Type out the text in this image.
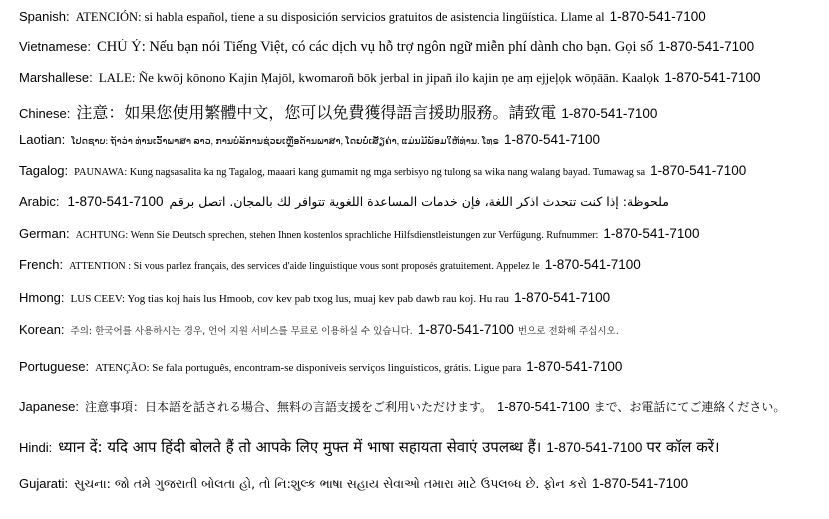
Spanish: ATENCIÓN: si habla español, tiene a su disposición servicios gratuitos de asistencia lingüística. Llame al 1-870-541-7100
Vietnamese: CHÚ Ý: Nếu bạn nói Tiếng Việt, có các dịch vụ hỗ trợ ngôn ngữ miễn phí dành cho bạn. Gọi số 1-870-541-7100
Marshallese: LALE: Ñe kwōj kōnono Kajin Ṃajōl, kwomaroñ bōk jerbal in jipañ ilo kajin ņe aṃ ejjeļọk wōņāān. Kaalọk 1-870-541-7100
Chinese: 注意：如果您使用繁體中文，您可以免費獲得語言援助服務。請致電 1-870-541-7100
Laotian: ໂປດຊາບ: ຖ້າວ່າ ທ່ານເວົ້າພາສາ ລາວ, ການບໍລິການຊ່ວຍເຫຼືອດ້ານພາສາ, ໂດຍບໍ່ເສັຽຄ່າ, ແມ່ນມີພ້ອມໃຫ້ທ່ານ. ໂທຣ 1-870-541-7100
Tagalog: PAUNAWA: Kung nagsasalita ka ng Tagalog, maaari kang gumamit ng mga serbisyo ng tulong sa wika nang walang bayad. Tumawag sa 1-870-541-7100
Arabic: 1-870-541-7100 ملحوظة: إذا كنت تتحدث اذكر اللغة، فإن خدمات المساعدة اللغوية تتوافر لك بالمجان. اتصل برقم
German: ACHTUNG: Wenn Sie Deutsch sprechen, stehen Ihnen kostenlos sprachliche Hilfsdienstleistungen zur Verfügung. Rufnummer: 1-870-541-7100
French: ATTENTION : Si vous parlez français, des services d'aide linguistique vous sont proposés gratuitement. Appelez le 1-870-541-7100
Hmong: LUS CEEV: Yog tias koj hais lus Hmoob, cov kev pab txog lus, muaj kev pab dawb rau koj. Hu rau 1-870-541-7100
Korean: 주의: 한국어를 사용하시는 경우, 언어 지원 서비스를 무료로 이용하실 수 있습니다. 1-870-541-7100 번으로 전화해 주십시오.
Portuguese: ATENÇÃO: Se fala português, encontram-se disponíveis serviços linguísticos, grátis. Ligue para 1-870-541-7100
Japanese: 注意事項：日本語を話される場合、無料の言語支援をご利用いただけます。 1-870-541-7100 まで、お電話にてご連絡ください。
Hindi: ध्यान दें: यदि आप हिंदी बोलते हैं तो आपके लिए मुफ्त में भाषा सहायता सेवाएं उपलब्ध हैं। 1-870-541-7100 पर कॉल करें।
Gujarati: સુચના: જો તમે ગુજરાતી બોલતા હો, તો નિ:શુલ્ક ભાષા સહાય સેવાઓ તમારા માટે ઉપલબ્ધ છે. ફોન કરો 1-870-541-7100
